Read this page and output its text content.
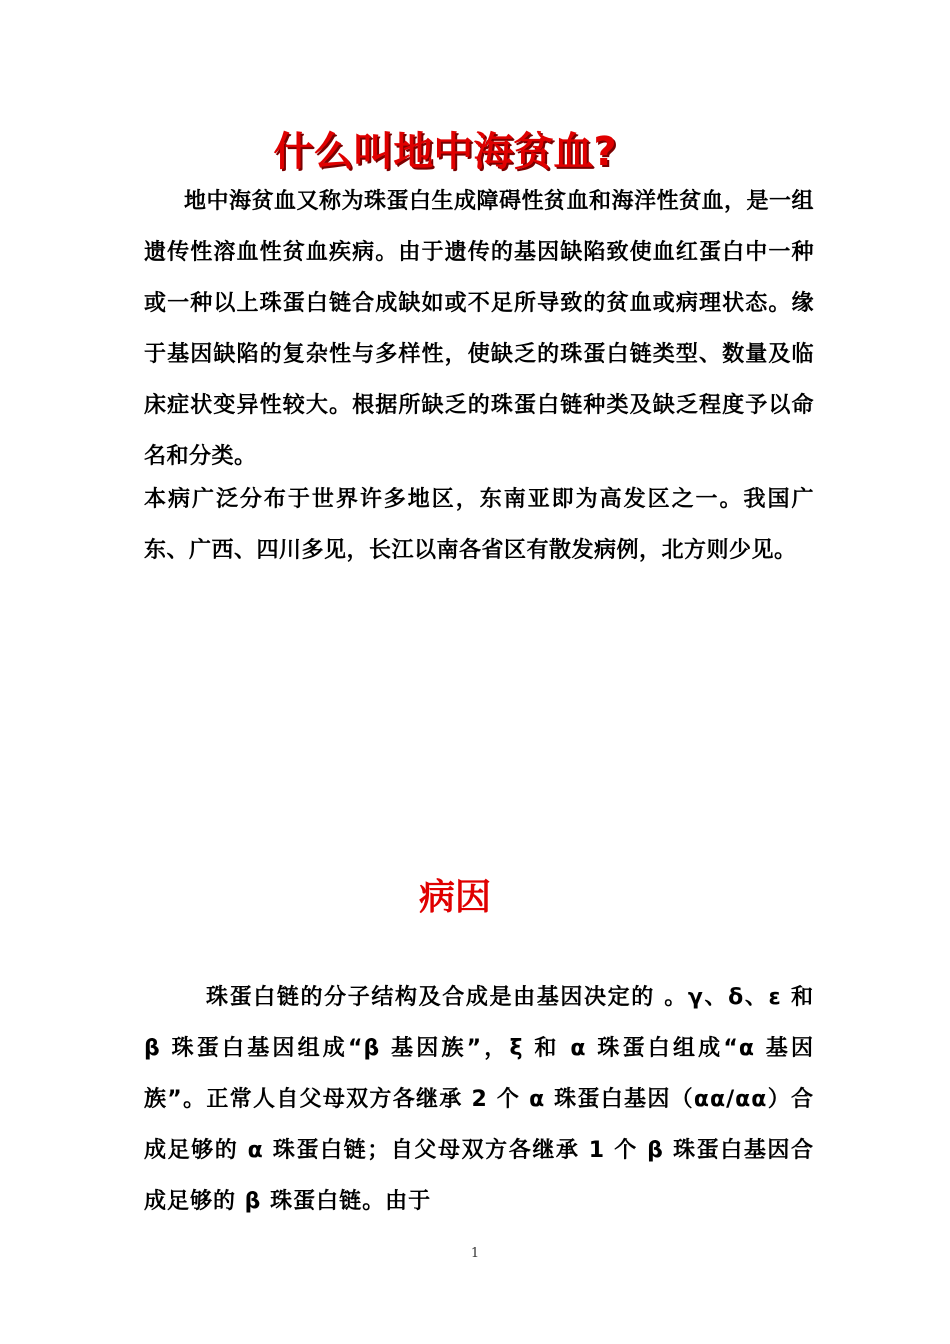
什么叫地中海贫血?

地中海贫血又称为珠蛋白生成障碍性贫血和海洋性贫血，是一组遗传性溶血性贫血疾病。由于遗传的基因缺陷致使血红蛋白中一种或一种以上珠蛋白链合成缺如或不足所导致的贫血或病理状态。缘于基因缺陷的复杂性与多样性，使缺乏的珠蛋白链类型、数量及临床症状变异性较大。根据所缺乏的珠蛋白链种类及缺乏程度予以命名和分类。

本病广泛分布于世界许多地区，东南亚即为高发区之一。我国广东、广西、四川多见，长江以南各省区有散发病例，北方则少见。

病因

珠蛋白链的分子结构及合成是由基因决定的 。γ、δ、ε 和 β 珠蛋白基因组成“β 基因族”，ξ 和 α 珠蛋白组成“α 基因族”。正常人自父母双方各继承 2 个 α 珠蛋白基因（αα/αα）合成足够的 α 珠蛋白链；自父母双方各继承 1 个 β 珠蛋白基因合成足够的 β 珠蛋白链。由于

1
